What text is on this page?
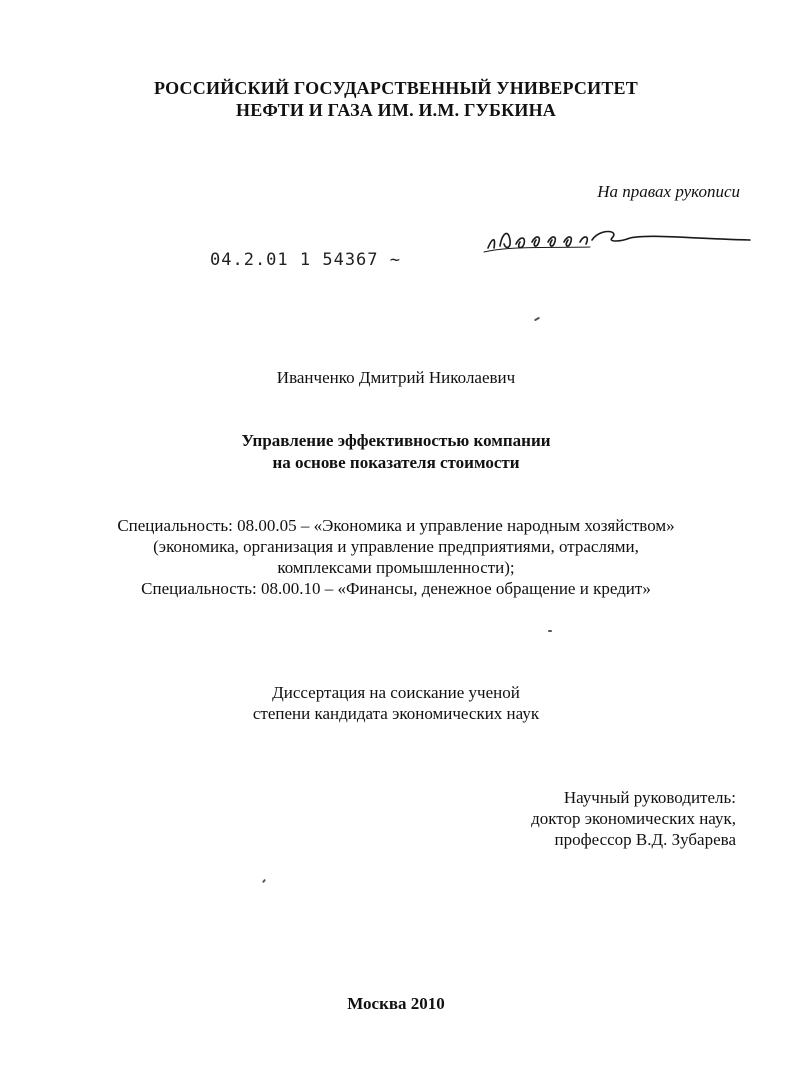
РОССИЙСКИЙ ГОСУДАРСТВЕННЫЙ УНИВЕРСИТЕТ
НЕФТИ И ГАЗА ИМ. И.М. ГУБКИНА
На правах рукописи
04.2.01 1 54367 ~
Иванченко Дмитрий Николаевич
Управление эффективностью компании
на основе показателя стоимости
Специальность: 08.00.05 – «Экономика и управление народным хозяйством»
(экономика, организация и управление предприятиями, отраслями,
комплексами промышленности);
Специальность: 08.00.10 – «Финансы, денежное обращение и кредит»
Диссертация на соискание ученой
степени кандидата экономических наук
Научный руководитель:
доктор экономических наук,
профессор В.Д. Зубарева
Москва 2010
